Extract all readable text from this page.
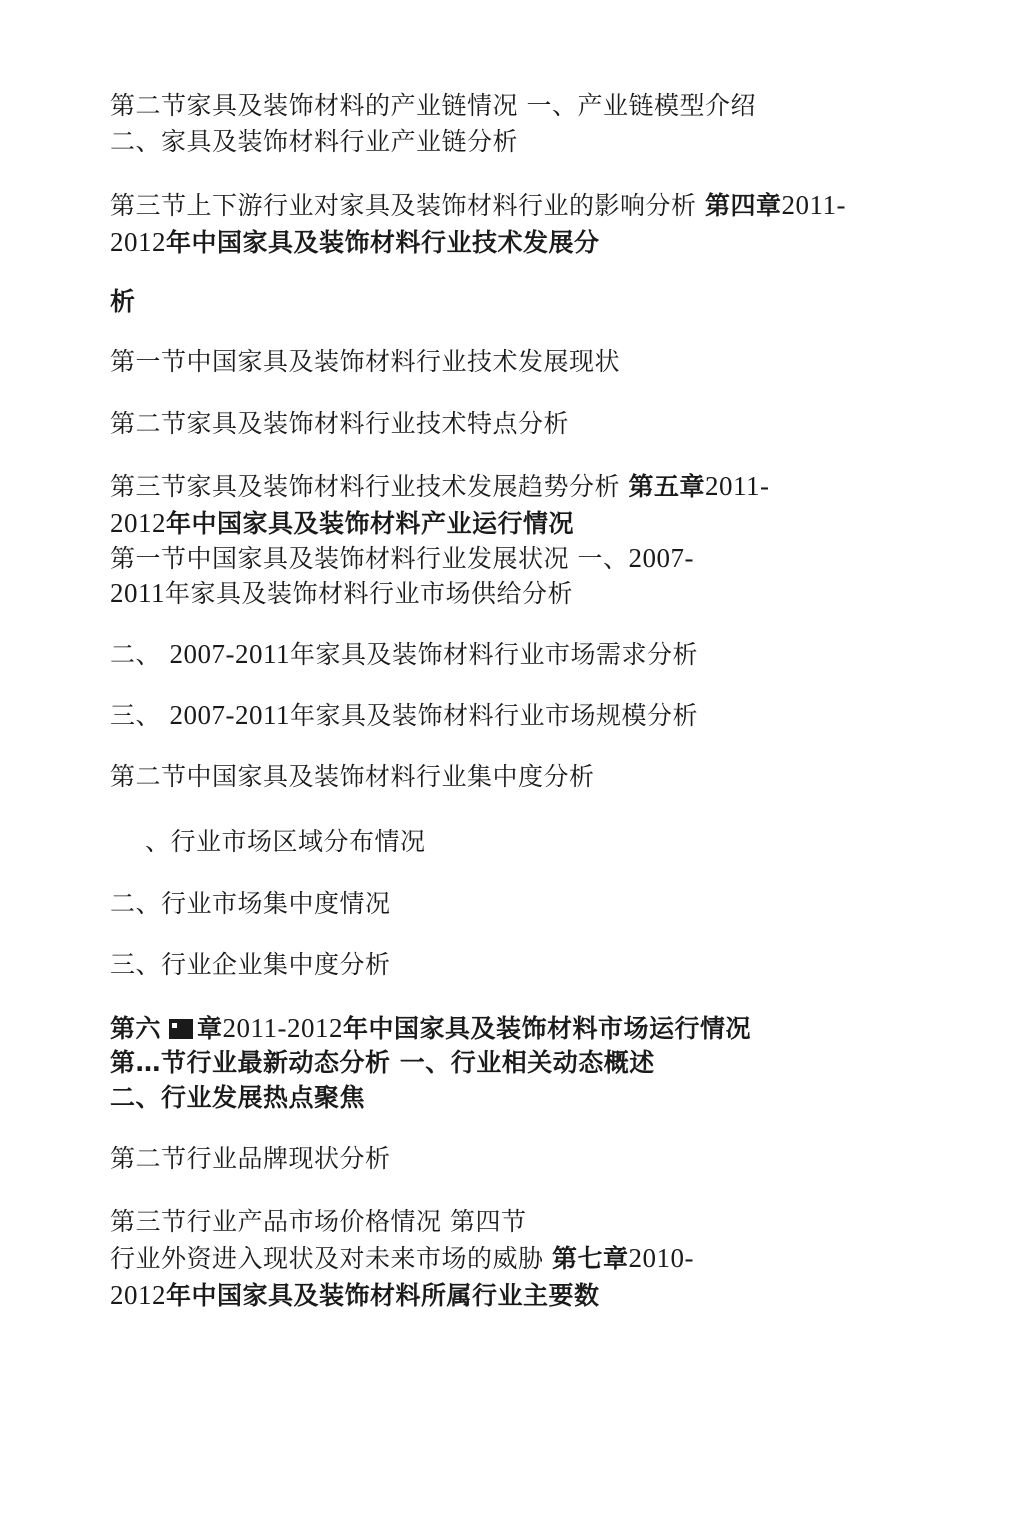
第二节家具及装饰材料的产业链情况 一、产业链模型介绍
二、家具及装饰材料行业产业链分析
第三节上下游行业对家具及装饰材料行业的影响分析 第四章2011-
2012年中国家具及装饰材料行业技术发展分
析
第一节中国家具及装饰材料行业技术发展现状
第二节家具及装饰材料行业技术特点分析
第三节家具及装饰材料行业技术发展趋势分析 第五章2011-
2012年中国家具及装饰材料产业运行情况
第一节中国家具及装饰材料行业发展状况 一、2007-
2011年家具及装饰材料行业市场供给分析
二、 2007-2011年家具及装饰材料行业市场需求分析
三、 2007-2011年家具及装饰材料行业市场规模分析
第二节中国家具及装饰材料行业集中度分析
、行业市场区域分布情况
二、行业市场集中度情况
三、行业企业集中度分析
第六 章2011-2012年中国家具及装饰材料市场运行情况
第…节行业最新动态分析 一、行业相关动态概述
二、行业发展热点聚焦
第二节行业品牌现状分析
第三节行业产品市场价格情况 第四节
行业外资进入现状及对未来市场的威胁 第七章2010-
2012年中国家具及装饰材料所属行业主要数
